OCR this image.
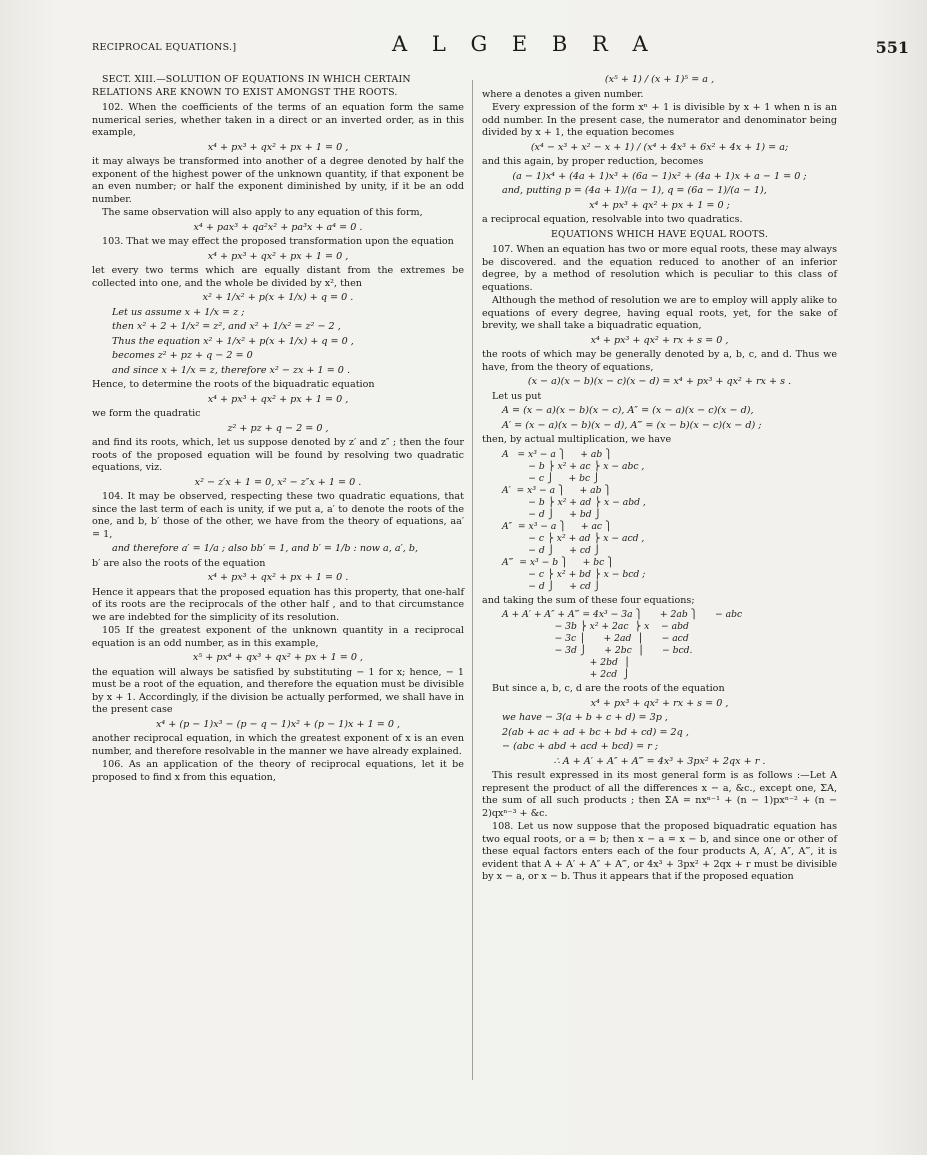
RECIPROCAL EQUATIONS.]	A L G E B R A	551
SECT. XIII.—SOLUTION OF EQUATIONS IN WHICH CERTAIN RELATIONS ARE KNOWN TO EXIST AMONGST THE ROOTS.

102. When the coefficients of the terms of an equation form the same numerical series, whether taken in a direct or an inverted order, as in this example,

x⁴ + px³ + qx² + px + 1 = 0 ,

it may always be transformed into another of a degree denoted by half the exponent of the highest power of the unknown quantity, if that exponent be an even number; or half the exponent diminished by unity, if it be an odd number.

The same observation will also apply to any equation of this form,

x⁴ + pax³ + qa²x² + pa³x + a⁴ = 0 .

103. That we may effect the proposed transformation upon the equation

x⁴ + px³ + qx² + px + 1 = 0 ,

let every two terms which are equally distant from the extremes be collected into one, and the whole be divided by x², then

x² + 1/x² + p(x + 1/x) + q = 0 .
Let us assume x + 1/x = z ;
then x² + 2 + 1/x² = z², and x² + 1/x² = z² − 2 ,
Thus the equation x² + 1/x² + p(x + 1/x) + q = 0 ,
becomes z² + pz + q − 2 = 0
and since x + 1/x = z, therefore x² − zx + 1 = 0 .

Hence, to determine the roots of the biquadratic equation

x⁴ + px³ + qx² + px + 1 = 0 ,

we form the quadratic

z² + pz + q − 2 = 0 ,

and find its roots, which, let us suppose denoted by z′ and z″ ; then the four roots of the proposed equation will be found by resolving two quadratic equations, viz.

x² − z′x + 1 = 0, x² − z″x + 1 = 0 .

104. It may be observed, respecting these two quadratic equations, that since the last term of each is unity, if we put a, a′ to denote the roots of the one, and b, b′ those of the other, we have from the theory of equations, aa′ = 1,

and therefore a′ = 1/a ; also bb′ = 1, and b′ = 1/b : now a, a′, b,

b′ are also the roots of the equation

x⁴ + px³ + qx² + px + 1 = 0 .

Hence it appears that the proposed equation has this property, that one-half of its roots are the reciprocals of the other half , and to that circumstance we are indebted for the simplicity of its resolution.

105 If the greatest exponent of the unknown quantity in a reciprocal equation is an odd number, as in this example,

x⁵ + px⁴ + qx³ + qx² + px + 1 = 0 ,

the equation will always be satisfied by substituting − 1 for x; hence, − 1 must be a root of the equation, and therefore the equation must be divisible by x + 1. Accordingly, if the division be actually performed, we shall have in the present case

x⁴ + (p − 1)x³ − (p − q − 1)x² + (p − 1)x + 1 = 0 ,

another reciprocal equation, in which the greatest exponent of x is an even number, and therefore resolvable in the manner we have already explained.

106. As an application of the theory of reciprocal equations, let it be proposed to find x from this equation,

(x⁵ + 1) / (x + 1)⁵ = a ,

where a denotes a given number.

Every expression of the form xⁿ + 1 is divisible by x + 1 when n is an odd number. In the present case, the numerator and denominator being divided by x + 1, the equation becomes

(x⁴ − x³ + x² − x + 1) / (x⁴ + 4x³ + 6x² + 4x + 1) = a;

and this again, by proper reduction, becomes

(a − 1)x⁴ + (4a + 1)x³ + (6a − 1)x² + (4a + 1)x + a − 1 = 0 ;
and, putting p = (4a + 1)/(a − 1), q = (6a − 1)/(a − 1),
x⁴ + px³ + qx² + px + 1 = 0 ;

a reciprocal equation, resolvable into two quadratics.

EQUATIONS WHICH HAVE EQUAL ROOTS.

107. When an equation has two or more equal roots, these may always be discovered. and the equation reduced to another of an inferior degree, by a method of resolution which is peculiar to this class of equations.

Although the method of resolution we are to employ will apply alike to equations of every degree, having equal roots, yet, for the sake of brevity, we shall take a biquadratic equation,

x⁴ + px³ + qx² + rx + s = 0 ,

the roots of which may be generally denoted by a, b, c, and d. Thus we have, from the theory of equations,

(x − a)(x − b)(x − c)(x − d) = x⁴ + px³ + qx² + rx + s .

Let us put

A = (x − a)(x − b)(x − c), A″ = (x − a)(x − c)(x − d),
A′ = (x − a)(x − b)(x − d), A‴ = (x − b)(x − c)(x − d) ;

then, by actual multiplication, we have

A   = x³ − a ⎫     + ab ⎫
− b ⎬ x² + ac ⎬ x − abc ,
− c ⎭     + bc ⎭
A′  = x³ − a ⎫     + ab ⎫
− b ⎬ x² + ad ⎬ x − abd ,
− d ⎭     + bd ⎭
A″  = x³ − a ⎫     + ac ⎫
− c ⎬ x² + ad ⎬ x − acd ,
− d ⎭     + cd ⎭
A‴  = x³ − b ⎫     + bc ⎫
− c ⎬ x² + bd ⎬ x − bcd ;
− d ⎭     + cd ⎭

and taking the sum of these four equations;

A + A′ + A″ + A‴ = 4x³ − 3a ⎫      + 2ab ⎫      − abc
− 3b ⎬ x² + 2ac  ⎬ x    − abd
− 3c ⎪      + 2ad  ⎪      − acd
− 3d ⎭      + 2bc  ⎪      − bcd.
+ 2bd  ⎪
+ 2cd  ⎭

But since a, b, c, d are the roots of the equation

x⁴ + px³ + qx² + rx + s = 0 ,
we have − 3(a + b + c + d) = 3p ,
2(ab + ac + ad + bc + bd + cd) = 2q ,
− (abc + abd + acd + bcd) = r ;
∴ A + A′ + A″ + A‴ = 4x³ + 3px² + 2qx + r .

This result expressed in its most general form is as follows :—Let A represent the product of all the differences x − a, &c., except one, ΣA, the sum of all such products ; then ΣA = nxⁿ⁻¹ + (n − 1)pxⁿ⁻² + (n − 2)qxⁿ⁻³ + &c.

108. Let us now suppose that the proposed biquadratic equation has two equal roots, or a = b; then x − a = x − b, and since one or other of these equal factors enters each of the four products A, A′, A″, A‴, it is evident that A + A′ + A″ + A‴, or 4x³ + 3px² + 2qx + r must be divisible by x − a, or x − b. Thus it appears that if the proposed equation
